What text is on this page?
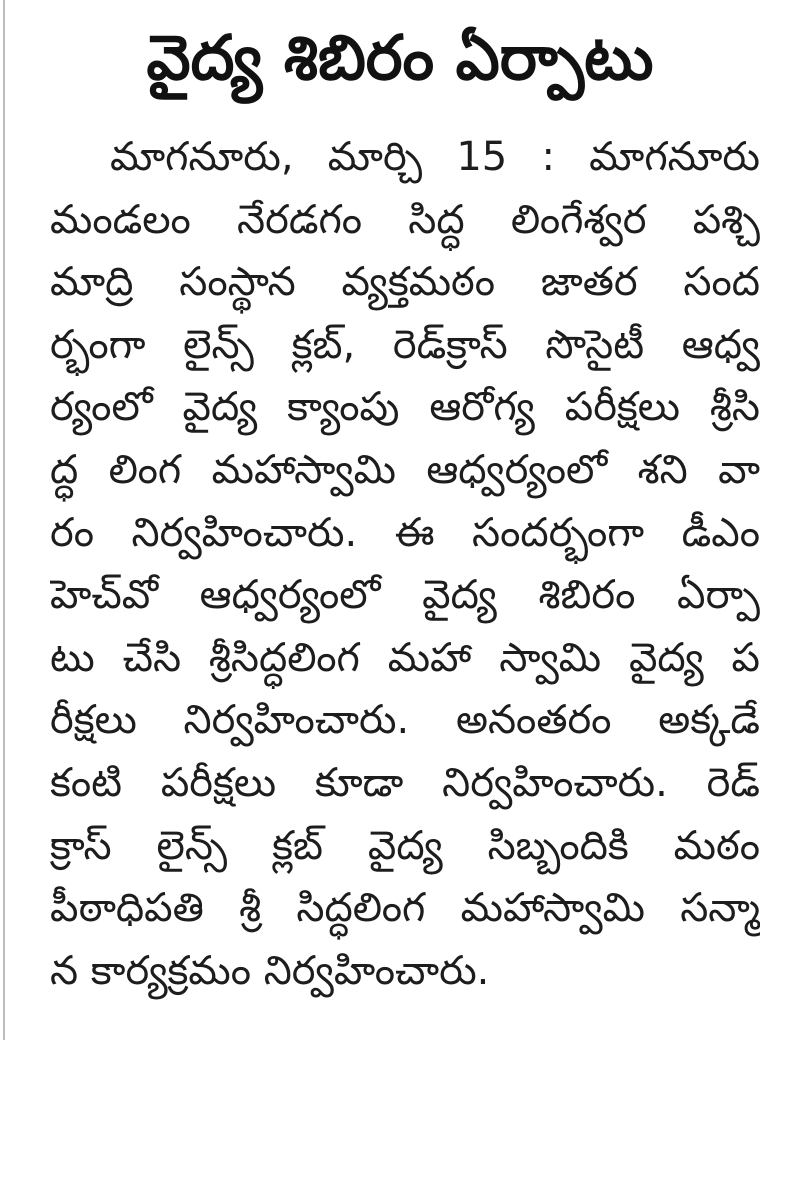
వైద్య శిబిరం ఏర్పాటు
మాగనూరు, మార్చి 15 : మాగనూరు
మండలం నేరడగం సిద్ధ లింగేశ్వర పశ్చి
మాద్రి సంస్థాన వ్యక్తమఠం జాతర సంద
ర్భంగా లైన్స్ క్లబ్, రెడ్‌క్రాస్ సొసైటీ ఆధ్వ
ర్యంలో వైద్య క్యాంపు ఆరోగ్య పరీక్షలు శ్రీసి
ద్ధ లింగ మహాస్వామి ఆధ్వర్యంలో శని వా
రం నిర్వహించారు. ఈ సందర్భంగా డీఎం
హెచ్‌వో ఆధ్వర్యంలో వైద్య శిబిరం ఏర్పా
టు చేసి శ్రీసిద్ధలింగ మహా స్వామి వైద్య ప
రీక్షలు నిర్వహించారు. అనంతరం అక్కడే
కంటి పరీక్షలు కూడా నిర్వహించారు. రెడ్
క్రాస్ లైన్స్ క్లబ్ వైద్య సిబ్బందికి మఠం
పీఠాధిపతి శ్రీ సిద్ధలింగ మహాస్వామి సన్మా
న కార్యక్రమం నిర్వహించారు.
